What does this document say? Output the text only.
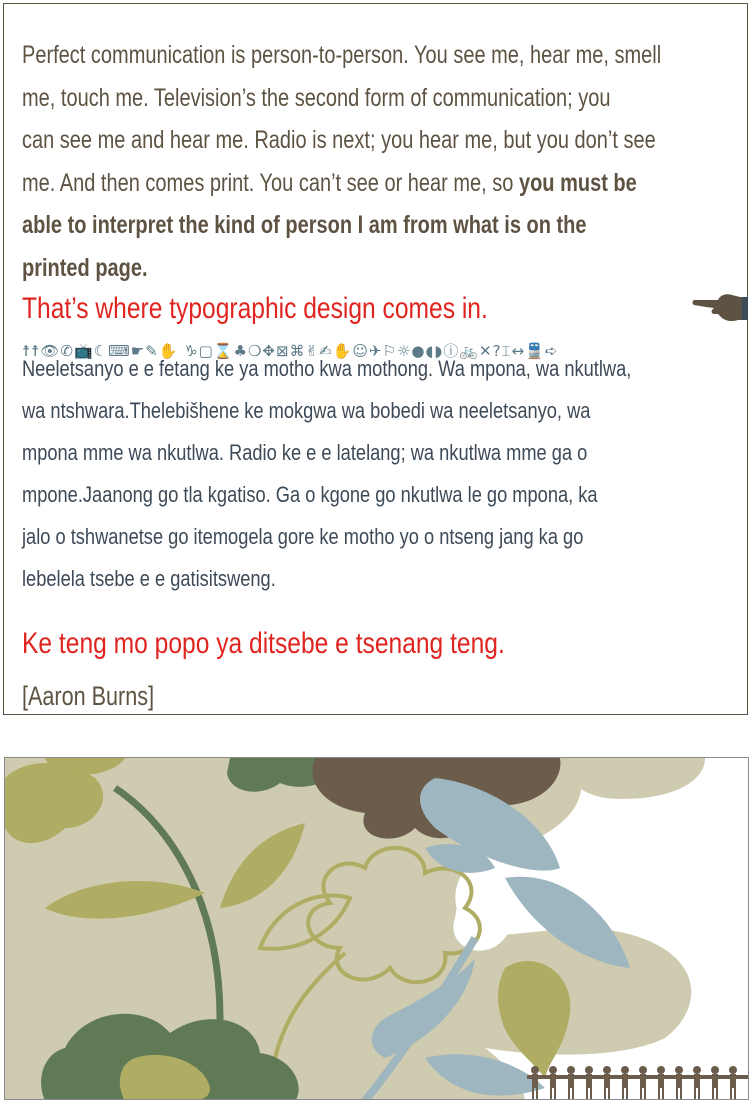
Perfect communication is person-to-person. You see me, hear me, smell
me, touch me. Television’s the second form of communication; you
can see me and hear me. Radio is next; you hear me, but you don’t see
me. And then comes print. You can’t see or hear me, so you must be
able to interpret the kind of person I am from what is on the
printed page.

That’s where typographic design comes in.

☨☨👁✆📺☾⌨☛✎✋ ♑▢⌛♣❍✥⊠⌘✌✍✋☺✈⚐☼●◖◗ⓘ🚲✕?⌶↔🚆➪

Neeletsanyo e e fetang ke ya motho kwa mothong. Wa mpona, wa nkutlwa,
wa ntshwara.Thelebišhene ke mokgwa wa bobedi wa neeletsanyo, wa
mpona mme wa nkutlwa. Radio ke e e latelang; wa nkutlwa mme ga o
mpone.Jaanong go tla kgatiso. Ga o kgone go nkutlwa le go mpona, ka
jalo o tshwanetse go itemogela gore ke motho yo o ntseng jang ka go
lebelela tsebe e e gatisitsweng.

Ke teng mo popo ya ditsebe e tsenang teng.

[Aaron Burns]
